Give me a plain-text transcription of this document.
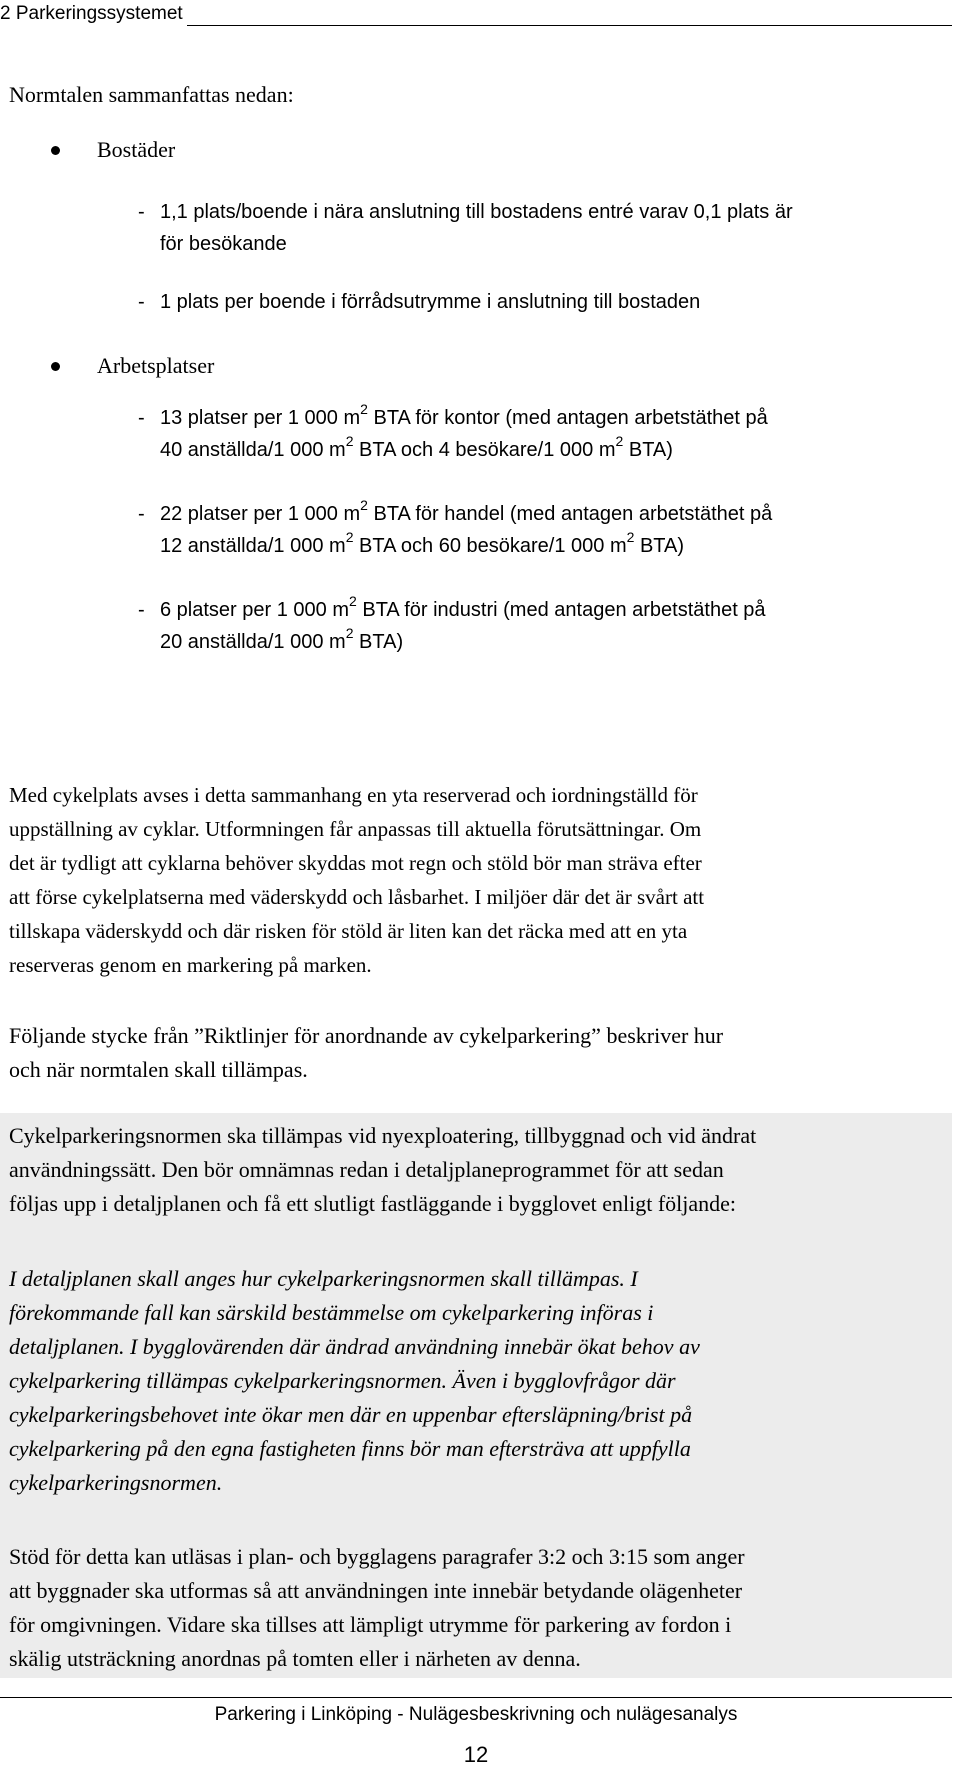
2 Parkeringssystemet
Normtalen sammanfattas nedan:
Bostäder
- 1,1 plats/boende i nära anslutning till bostadens entré varav 0,1 plats är
för besökande
- 1 plats per boende i förrådsutrymme i anslutning till bostaden
Arbetsplatser
- 13 platser per 1 000 $m^2$ BTA för kontor (med antagen arbetstäthet på
40 anställda/1 000 $m^2$ BTA och 4 besökare/1 000 $m^2$ BTA)
- 22 platser per 1 000 $m^2$ BTA för handel (med antagen arbetstäthet på
12 anställda/1 000 $m^2$ BTA och 60 besökare/1 000 $m^2$ BTA)
- 6 platser per 1 000 $m^2$ BTA för industri (med antagen arbetstäthet på
20 anställda/1 000 $m^2$ BTA)
Med cykelplats avses i detta sammanhang en yta reserverad och iordningställd för
uppställning av cyklar. Utformningen får anpassas till aktuella förutsättningar. Om
det är tydligt att cyklarna behöver skyddas mot regn och stöld bör man sträva efter
att förse cykelplatserna med väderskydd och låsbarhet. I miljöer där det är svårt att
tillskapa väderskydd och där risken för stöld är liten kan det räcka med att en yta
reserveras genom en markering på marken.
Följande stycke från ”Riktlinjer för anordnande av cykelparkering” beskriver hur
och när normtalen skall tillämpas.
Cykelparkeringsnormen ska tillämpas vid nyexploatering, tillbyggnad och vid ändrat
användningssätt. Den bör omnämnas redan i detaljplaneprogrammet för att sedan
följas upp i detaljplanen och få ett slutligt fastläggande i bygglovet enligt följande:
I detaljplanen skall anges hur cykelparkeringsnormen skall tillämpas. I
förekommande fall kan särskild bestämmelse om cykelparkering införas i
detaljplanen. I bygglovärenden där ändrad användning innebär ökat behov av
cykelparkering tillämpas cykelparkeringsnormen. Även i bygglovfrågor där
cykelparkeringsbehovet inte ökar men där en uppenbar eftersläpning/brist på
cykelparkering på den egna fastigheten finns bör man eftersträva att uppfylla
cykelparkeringsnormen.
Stöd för detta kan utläsas i plan- och bygglagens paragrafer 3:2 och 3:15 som anger
att byggnader ska utformas så att användningen inte innebär betydande olägenheter
för omgivningen. Vidare ska tillses att lämpligt utrymme för parkering av fordon i
skälig utsträckning anordnas på tomten eller i närheten av denna.
Parkering i Linköping - Nulägesbeskrivning och nulägesanalys
12
